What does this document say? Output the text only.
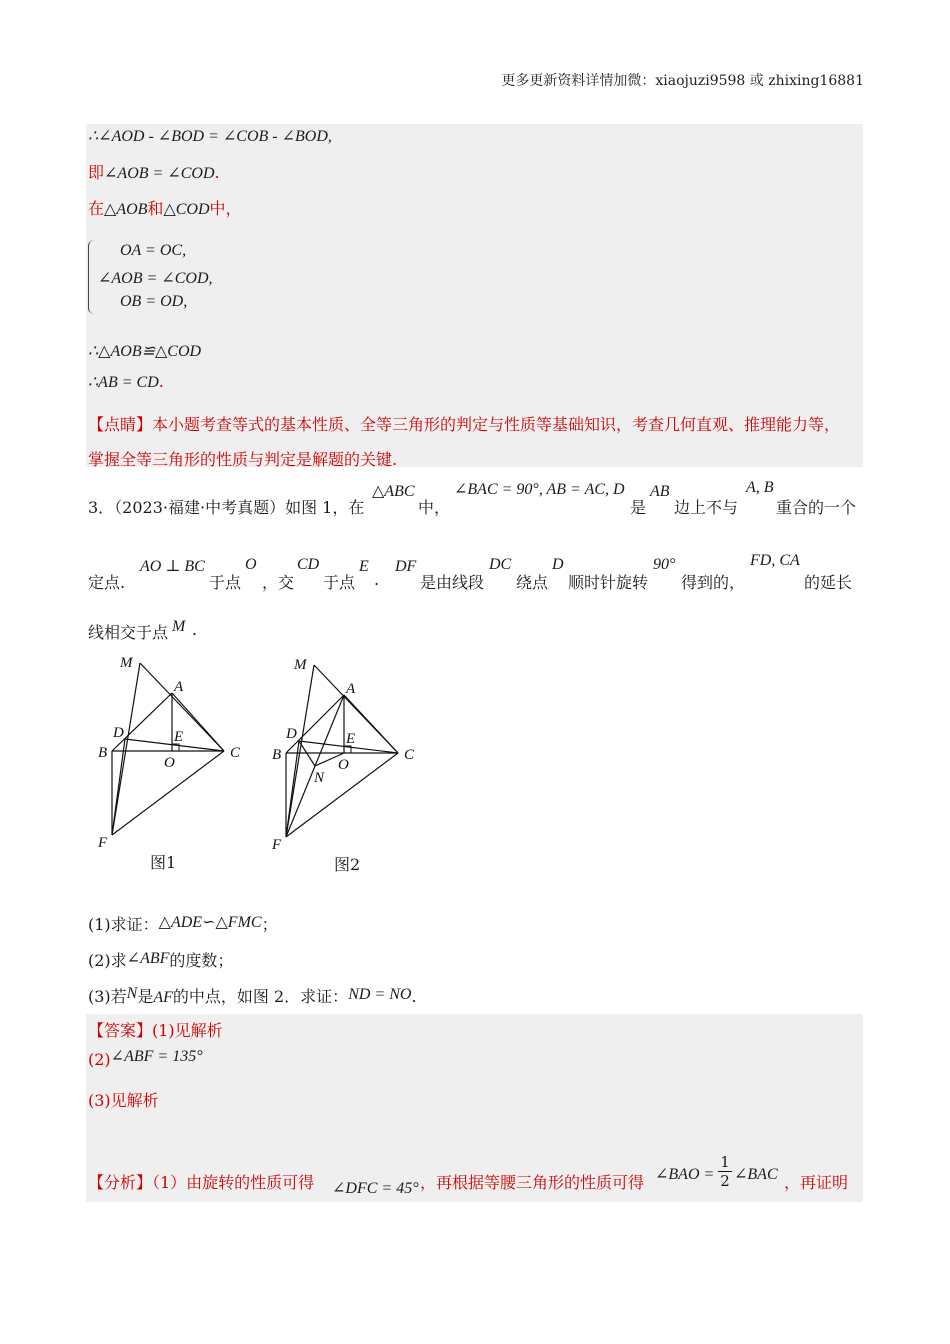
更多更新资料详情加微：xiaojuzi9598 或 zhixing16881
∴∠AOD - ∠BOD = ∠COB - ∠BOD,
即∠AOB = ∠COD.
在△AOB和△COD中，
OA = OC,
∠AOB = ∠COD,
OB = OD,
∴△AOB≌△COD
∴AB = CD.
【点睛】本小题考查等式的基本性质、全等三角形的判定与性质等基础知识，考查几何直观、推理能力等，
掌握全等三角形的性质与判定是解题的关键.
3．（2023·福建·中考真题）如图 1，在
△ABC
中，
∠BAC = 90°, AB = AC, D
是
AB
边上不与
A, B
重合的一个
定点.
AO ⊥ BC
于点
O
，交
CD
于点
E
.
DF
是由线段
DC
绕点
D
顺时针旋转
90°
得到的，
FD, CA
的延长
线相交于点 M .
M
A
D	E
B
O
C
F
图1
M
A
D	E
B
O
C
N
F
图2
(1)求证：△ADE∽△FMC；
(2)求∠ABF的度数；
(3)若N是AF的中点，如图 2．求证：ND = NO.
【答案】(1)见解析
(2)∠ABF = 135°
(3)见解析
【分析】（1）由旋转的性质可得 ∠DFC = 45° ，再根据等腰三角形的性质可得 ∠BAO = $\frac{1}{2}$ ∠BAC ，再证明
